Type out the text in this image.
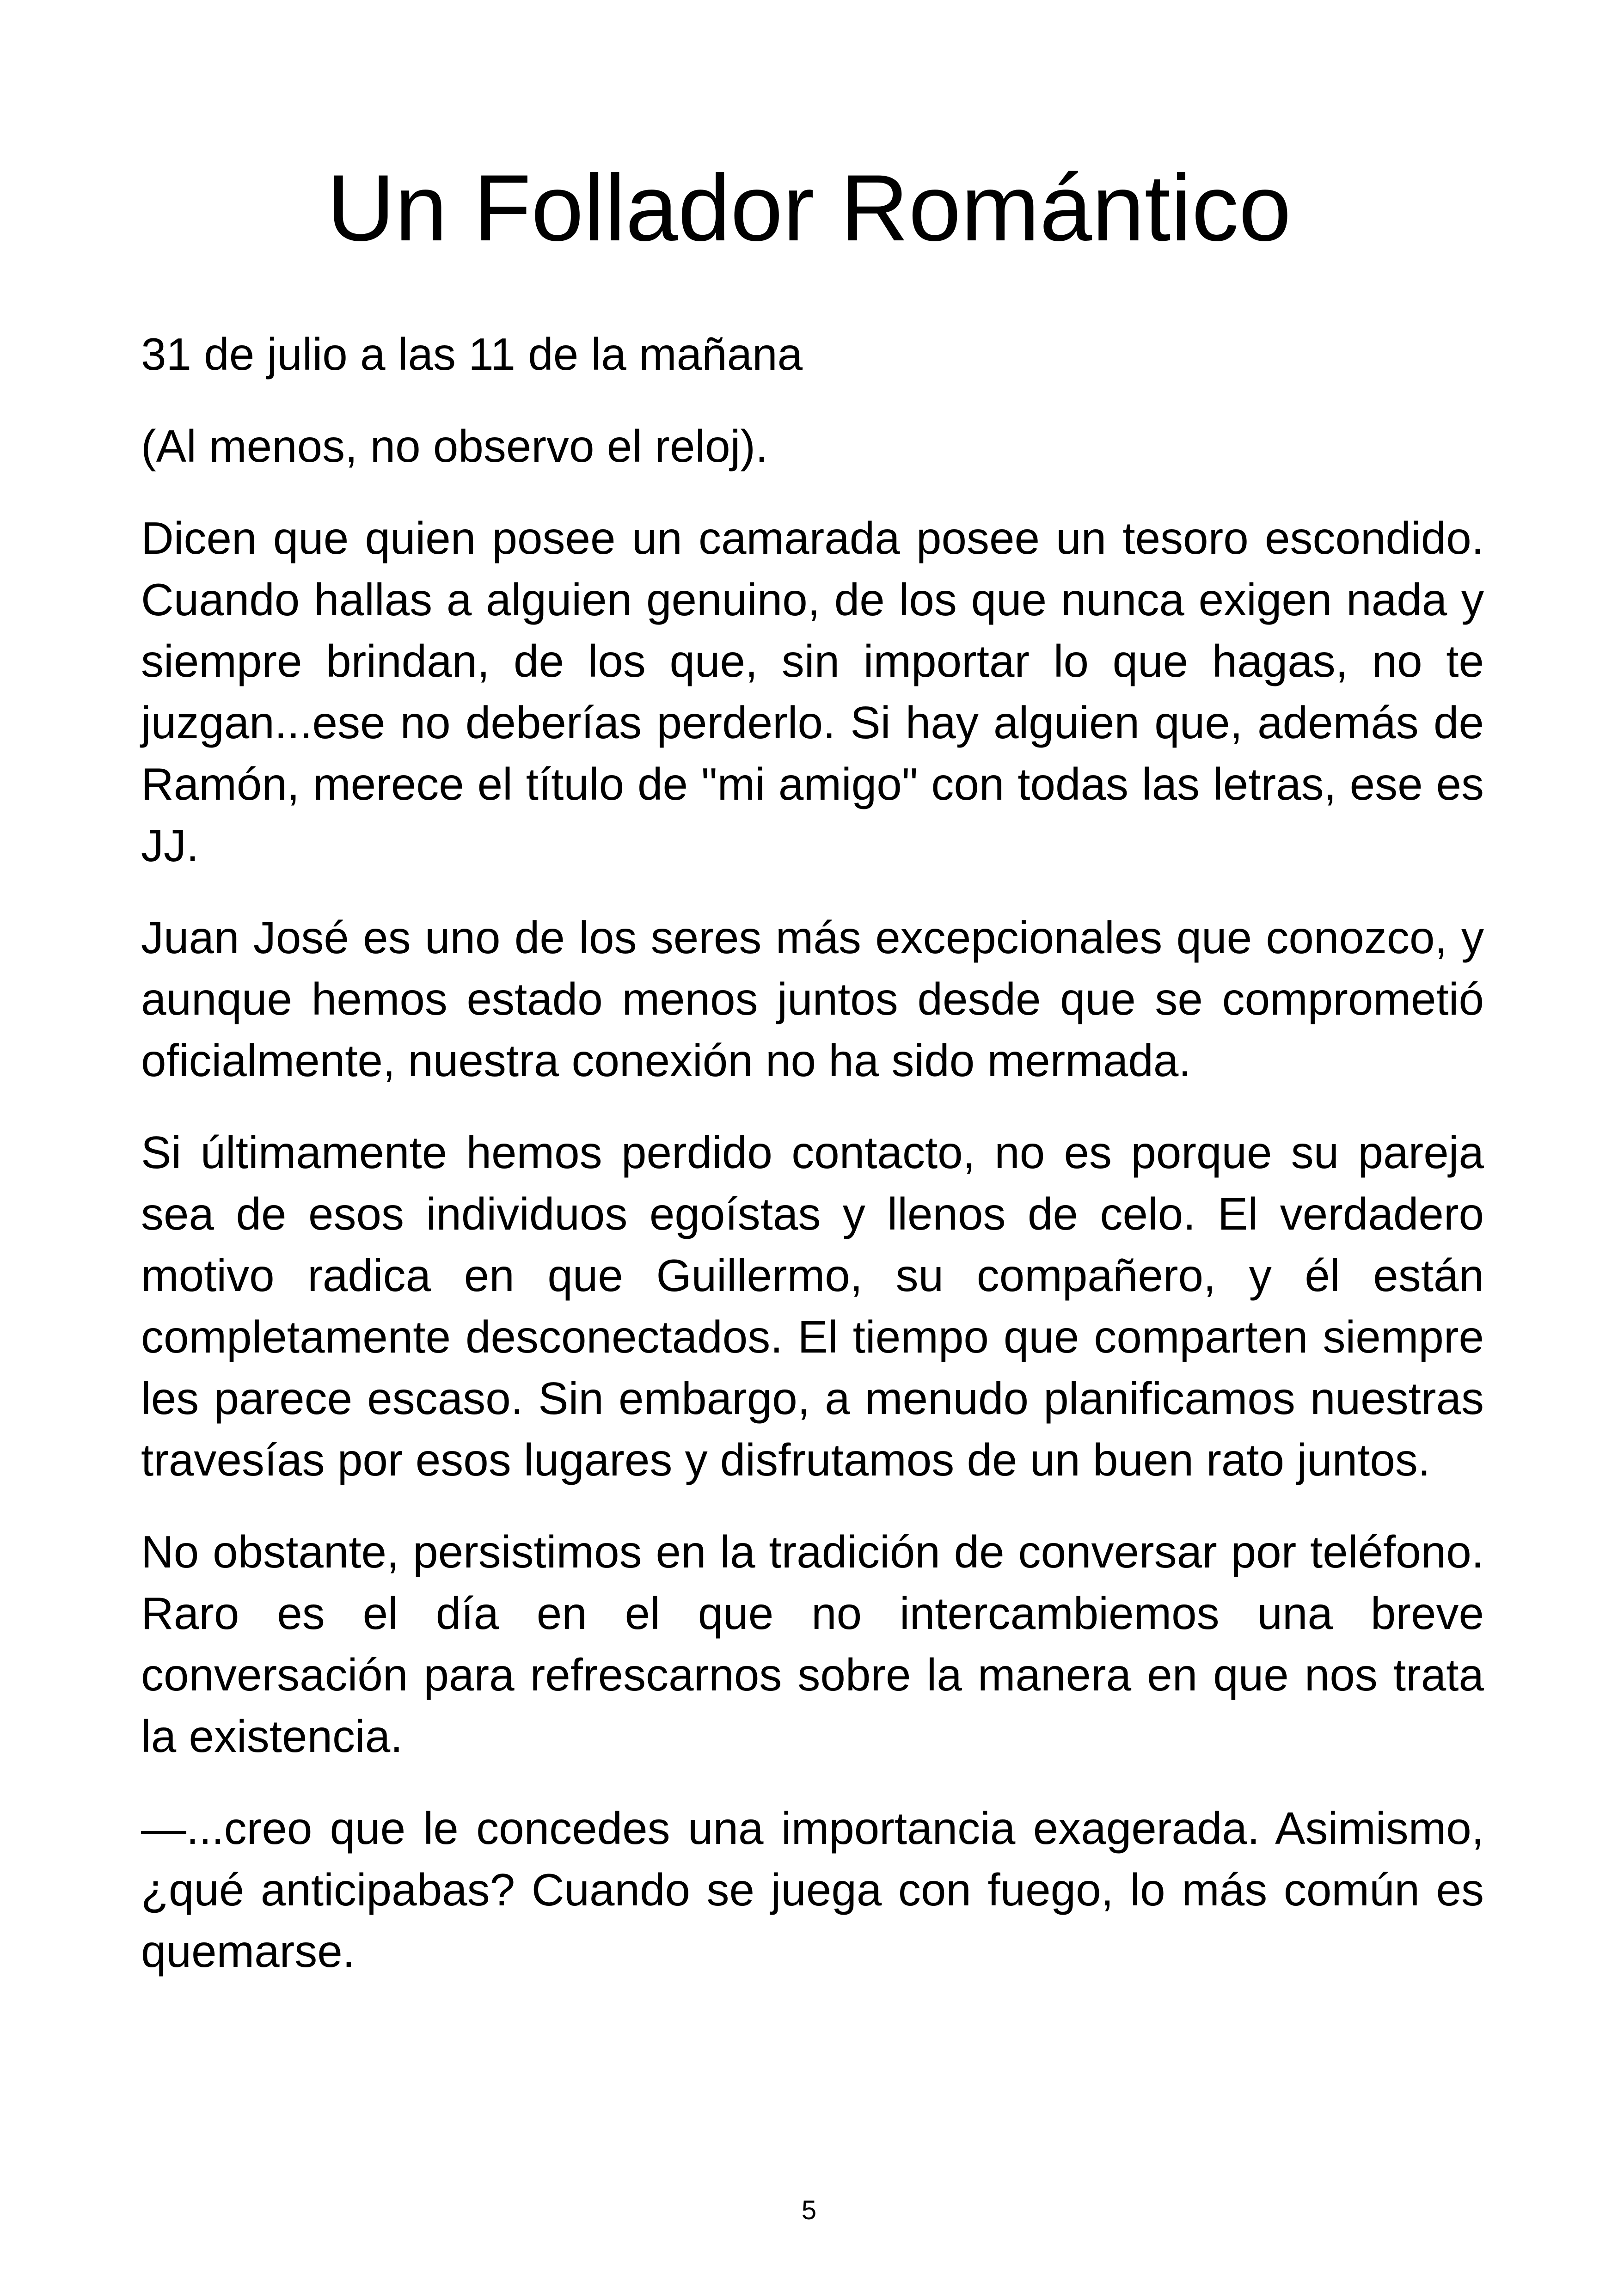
Un Follador Romántico

31 de julio a las 11 de la mañana

(Al menos, no observo el reloj).

Dicen que quien posee un camarada posee un tesoro escondido. Cuando hallas a alguien genuino, de los que nunca exigen nada y siempre brindan, de los que, sin importar lo que hagas, no te juzgan...ese no deberías perderlo. Si hay alguien que, además de Ramón, merece el título de "mi amigo" con todas las letras, ese es JJ.

Juan José es uno de los seres más excepcionales que conozco, y aunque hemos estado menos juntos desde que se comprometió oficialmente, nuestra conexión no ha sido mermada.

Si últimamente hemos perdido contacto, no es porque su pareja sea de esos individuos egoístas y llenos de celo. El verdadero motivo radica en que Guillermo, su compañero, y él están completamente desconectados. El tiempo que comparten siempre les parece escaso. Sin embargo, a menudo planificamos nuestras travesías por esos lugares y disfrutamos de un buen rato juntos.

No obstante, persistimos en la tradición de conversar por teléfono. Raro es el día en el que no intercambiemos una breve conversación para refrescarnos sobre la manera en que nos trata la existencia.

—...creo que le concedes una importancia exagerada. Asimismo, ¿qué anticipabas? Cuando se juega con fuego, lo más común es quemarse.

5
